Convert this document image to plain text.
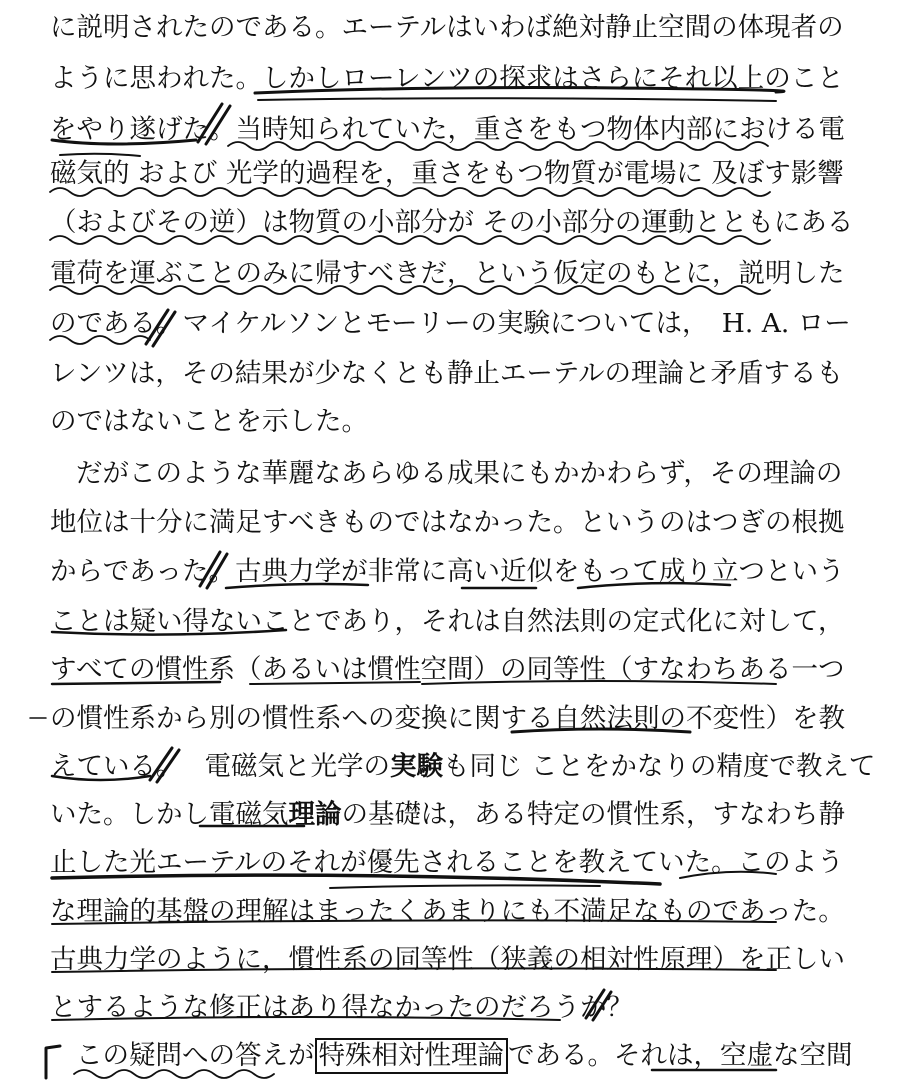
に説明されたのである。エーテルはいわば絶対静止空間の体現者の
ように思われた。しかしローレンツの探求はさらにそれ以上のこと
をやり遂げた。当時知られていた，重さをもつ物体内部における電
磁気的 および 光学的過程を，重さをもつ物質が電場に 及ぼす影響
（およびその逆）は物質の小部分が その小部分の運動とともにある
電荷を運ぶことのみに帰すべきだ，という仮定のもとに，説明した
のである。マイケルソンとモーリーの実験については，　H. A. ロー
レンツは，その結果が少なくとも静止エーテルの理論と矛盾するも
のではないことを示した。
だがこのような華麗なあらゆる成果にもかかわらず，その理論の
地位は十分に満足すべきものではなかった。というのはつぎの根拠
からであった。古典力学が非常に高い近似をもって成り立つという
ことは疑い得ないことであり，それは自然法則の定式化に対して，
すべての慣性系（あるいは慣性空間）の同等性（すなわちある一つ
の慣性系から別の慣性系への変換に関する自然法則の不変性）を教
えている。 電磁気と光学の実験も同じ ことをかなりの精度で教えて
いた。しかし電磁気理論の基礎は，ある特定の慣性系，すなわち静
止した光エーテルのそれが優先されることを教えていた。このよう
な理論的基盤の理解はまったくあまりにも不満足なものであった。
古典力学のように，慣性系の同等性（狭義の相対性原理）を正しい
とするような修正はあり得なかったのだろうか？
この疑問への答えが 特殊相対性理論 である。それは，空虚な空間
